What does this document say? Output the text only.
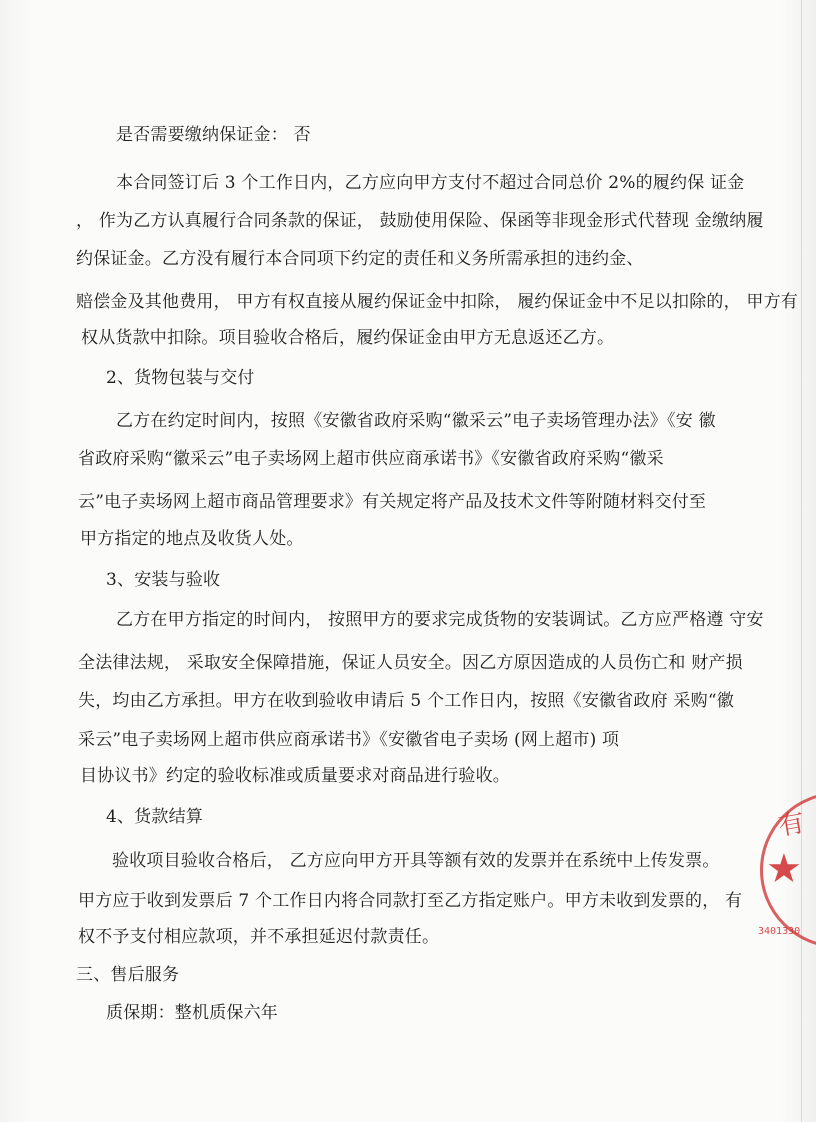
是否需要缴纳保证金： 否
本合同签订后 3 个工作日内，乙方应向甲方支付不超过合同总价 2%的履约保 证金
， 作为乙方认真履行合同条款的保证， 鼓励使用保险、保函等非现金形式代替现 金缴纳履
约保证金。乙方没有履行本合同项下约定的责任和义务所需承担的违约金、
赔偿金及其他费用， 甲方有权直接从履约保证金中扣除， 履约保证金中不足以扣除的， 甲方有
权从货款中扣除。项目验收合格后，履约保证金由甲方无息返还乙方。
2、货物包装与交付
乙方在约定时间内，按照《安徽省政府采购“徽采云”电子卖场管理办法》《安 徽
省政府采购“徽采云”电子卖场网上超市供应商承诺书》《安徽省政府采购“徽采
云”电子卖场网上超市商品管理要求》有关规定将产品及技术文件等附随材料交付至
甲方指定的地点及收货人处。
3、安装与验收
乙方在甲方指定的时间内， 按照甲方的要求完成货物的安装调试。乙方应严格遵 守安
全法律法规， 采取安全保障措施，保证人员安全。因乙方原因造成的人员伤亡和 财产损
失，均由乙方承担。甲方在收到验收申请后 5 个工作日内，按照《安徽省政府 采购“徽
采云”电子卖场网上超市供应商承诺书》《安徽省电子卖场 (网上超市) 项
目协议书》约定的验收标准或质量要求对商品进行验收。
4、货款结算
验收项目验收合格后， 乙方应向甲方开具等额有效的发票并在系统中上传发票。
甲方应于收到发票后 7 个工作日内将合同款打至乙方指定账户。甲方未收到发票的， 有
权不予支付相应款项，并不承担延迟付款责任。
三、售后服务
质保期：整机质保六年
有
★
3401330
